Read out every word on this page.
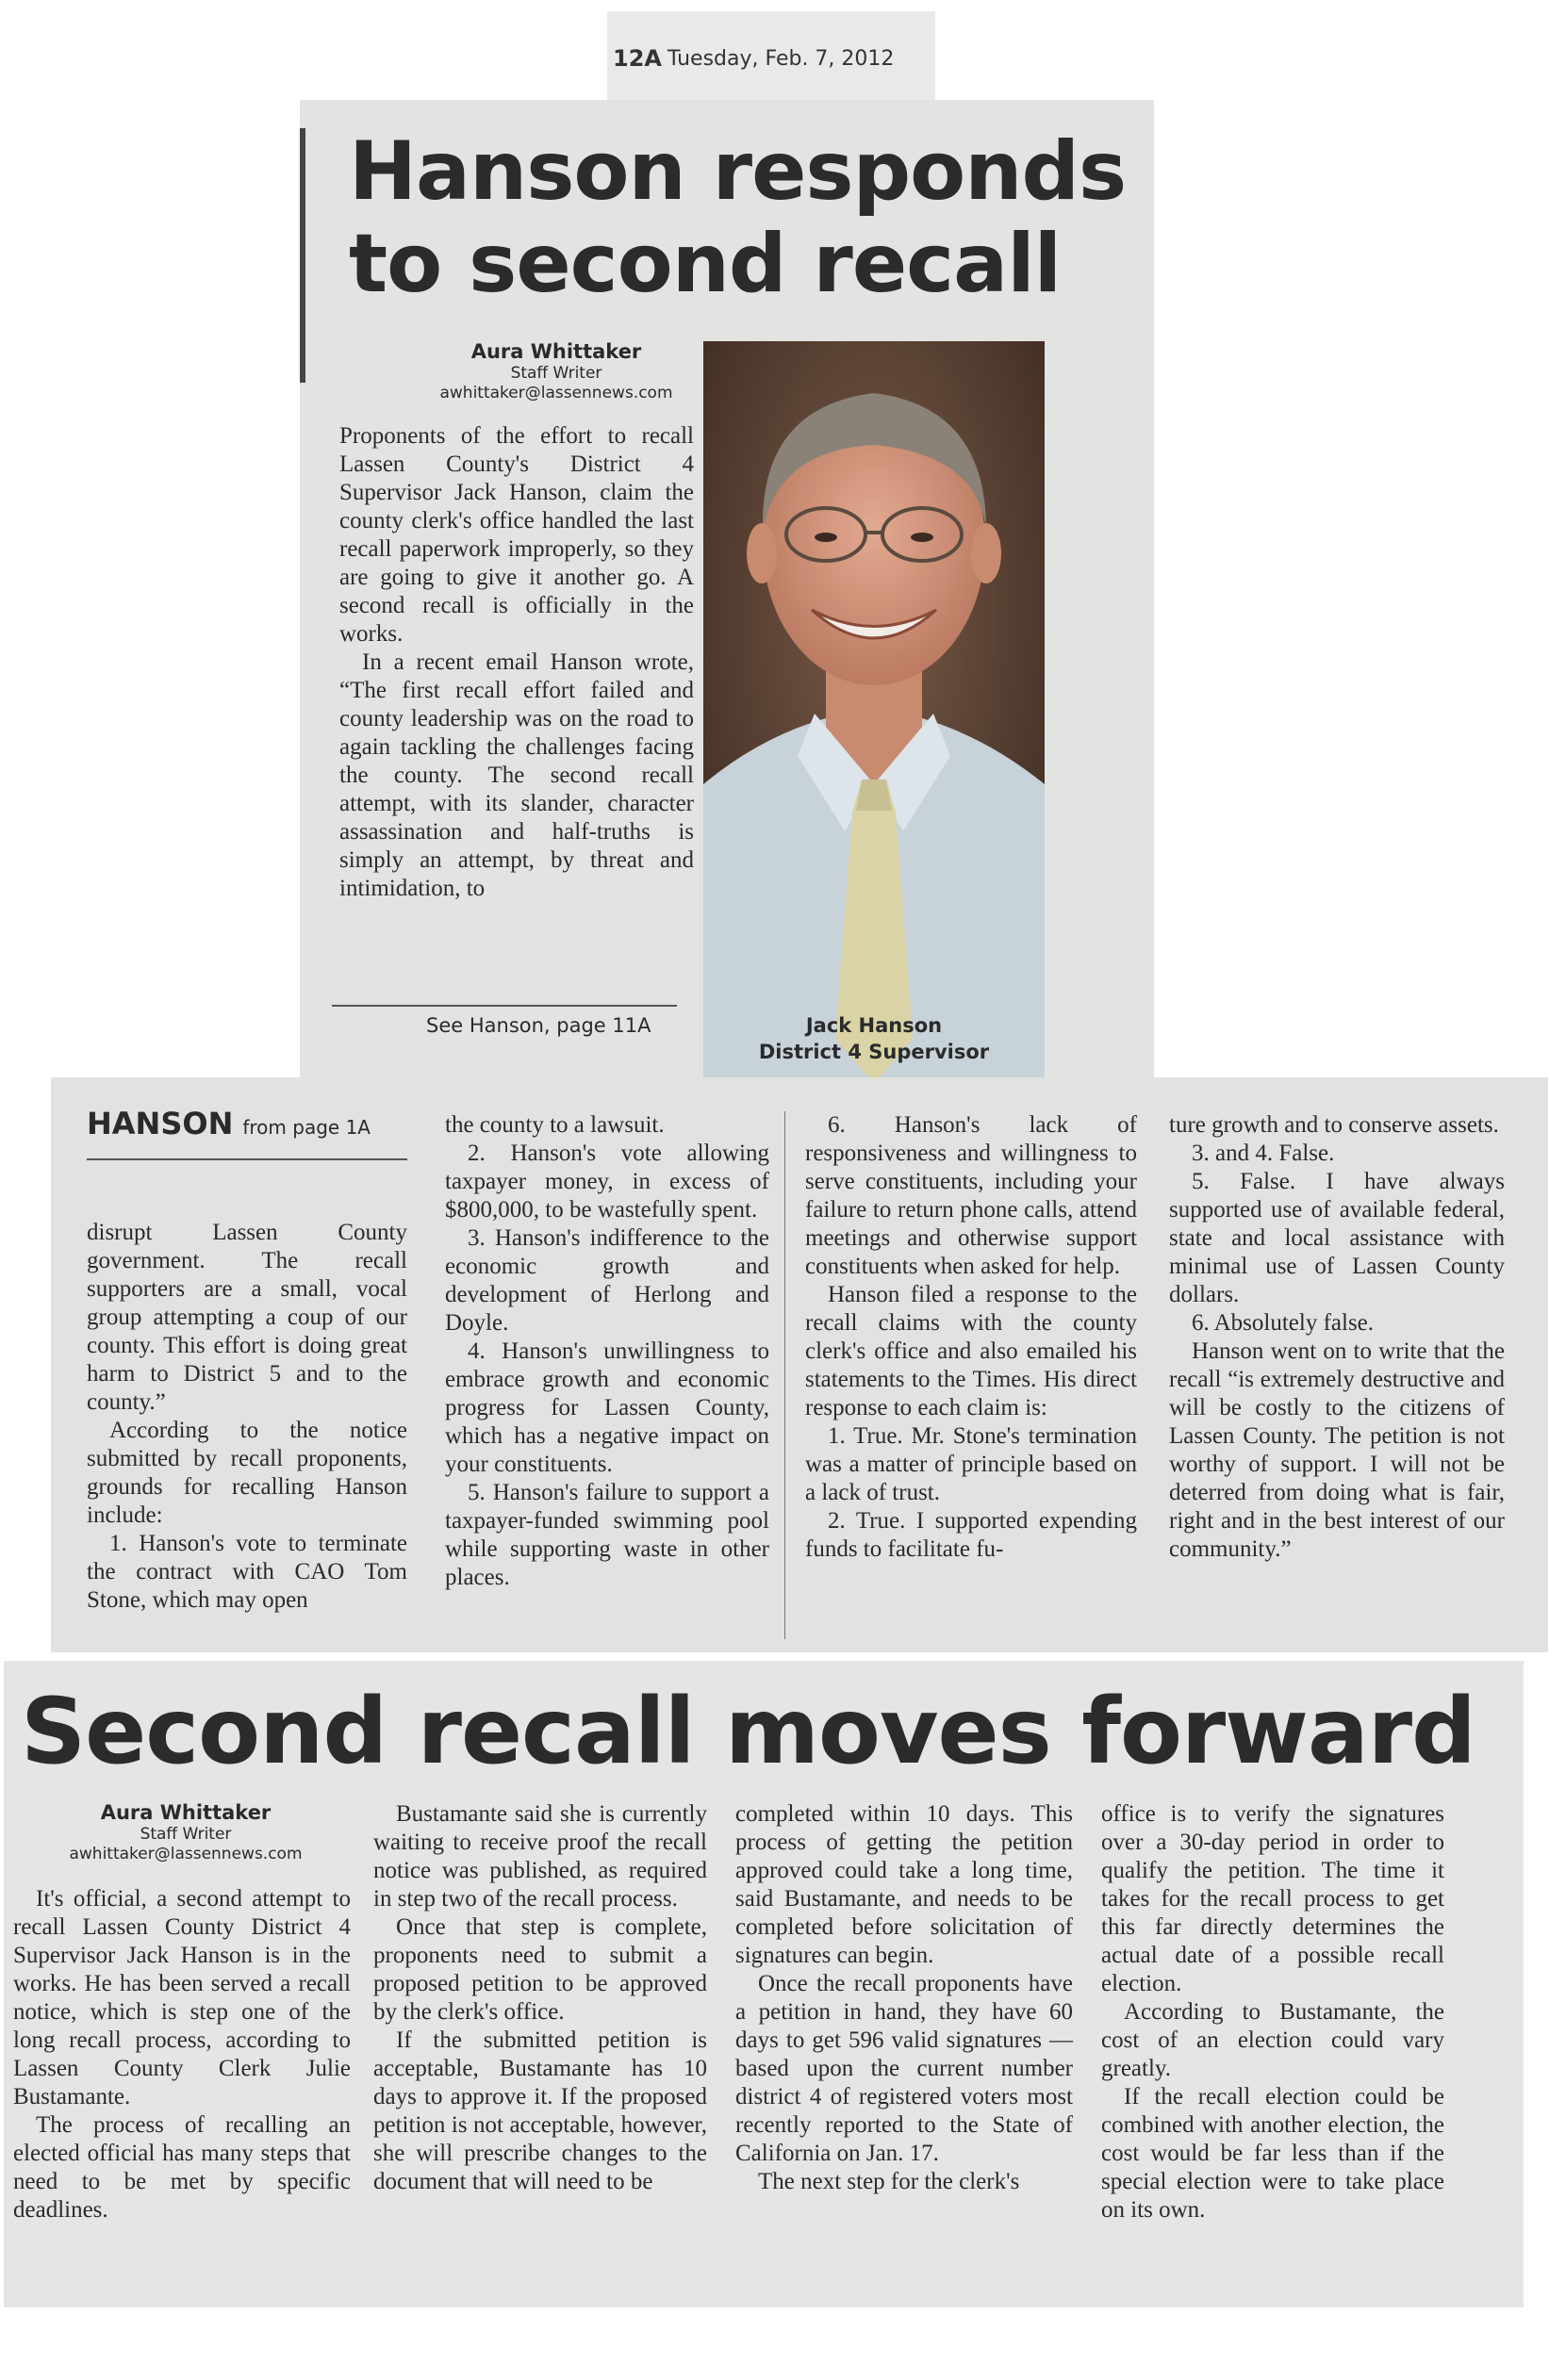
12A Tuesday, Feb. 7, 2012
Hanson responds
to second recall
Aura Whittaker
Staff Writer
awhittaker@lassennews.com

Proponents of the effort to recall Lassen County's District 4 Supervisor Jack Hanson, claim the county clerk's office handled the last recall paperwork improperly, so they are going to give it another go. A second recall is officially in the works.

In a recent email Hanson wrote, “The first recall effort failed and county leadership was on the road to again tackling the challenges facing the county. The second recall attempt, with its slander, character assassination and half-truths is simply an attempt, by threat and intimidation, to

See Hanson, page 11A	Jack Hanson
District 4 Supervisor
HANSON from page 1A

disrupt Lassen County government. The recall supporters are a small, vocal group attempting a coup of our county. This effort is doing great harm to District 5 and to the county.”

According to the notice submitted by recall proponents, grounds for recalling Hanson include:

1. Hanson's vote to terminate the contract with CAO Tom Stone, which may open

the county to a lawsuit.

2. Hanson's vote allowing taxpayer money, in excess of $800,000, to be wastefully spent.

3. Hanson's indifference to the economic growth and development of Herlong and Doyle.

4. Hanson's unwillingness to embrace growth and economic progress for Lassen County, which has a negative impact on your constituents.

5. Hanson's failure to support a taxpayer-funded swimming pool while supporting waste in other places.

6. Hanson's lack of responsiveness and willingness to serve constituents, including your failure to return phone calls, attend meetings and otherwise support constituents when asked for help.

Hanson filed a response to the recall claims with the county clerk's office and also emailed his statements to the Times. His direct response to each claim is:

1. True. Mr. Stone's termination was a matter of principle based on a lack of trust.

2. True. I supported expending funds to facilitate fu-

ture growth and to conserve assets.

3. and 4. False.

5. False. I have always supported use of available federal, state and local assistance with minimal use of Lassen County dollars.

6. Absolutely false.

Hanson went on to write that the recall “is extremely destructive and will be costly to the citizens of Lassen County. The petition is not worthy of support. I will not be deterred from doing what is fair, right and in the best interest of our community.”

Second recall moves forward
Aura Whittaker
Staff Writer
awhittaker@lassennews.com

It's official, a second attempt to recall Lassen County District 4 Supervisor Jack Hanson is in the works. He has been served a recall notice, which is step one of the long recall process, according to Lassen County Clerk Julie Bustamante.

The process of recalling an elected official has many steps that need to be met by specific deadlines.

Bustamante said she is currently waiting to receive proof the recall notice was published, as required in step two of the recall process.

Once that step is complete, proponents need to submit a proposed petition to be approved by the clerk's office.

If the submitted petition is acceptable, Bustamante has 10 days to approve it. If the proposed petition is not acceptable, however, she will prescribe changes to the document that will need to be

completed within 10 days. This process of getting the petition approved could take a long time, said Bustamante, and needs to be completed before solicitation of signatures can begin.

Once the recall proponents have a petition in hand, they have 60 days to get 596 valid signatures — based upon the current number district 4 of registered voters most recently reported to the State of California on Jan. 17.

The next step for the clerk's

office is to verify the signatures over a 30-day period in order to qualify the petition. The time it takes for the recall process to get this far directly determines the actual date of a possible recall election.

According to Bustamante, the cost of an election could vary greatly.

If the recall election could be combined with another election, the cost would be far less than if the special election were to take place on its own.
